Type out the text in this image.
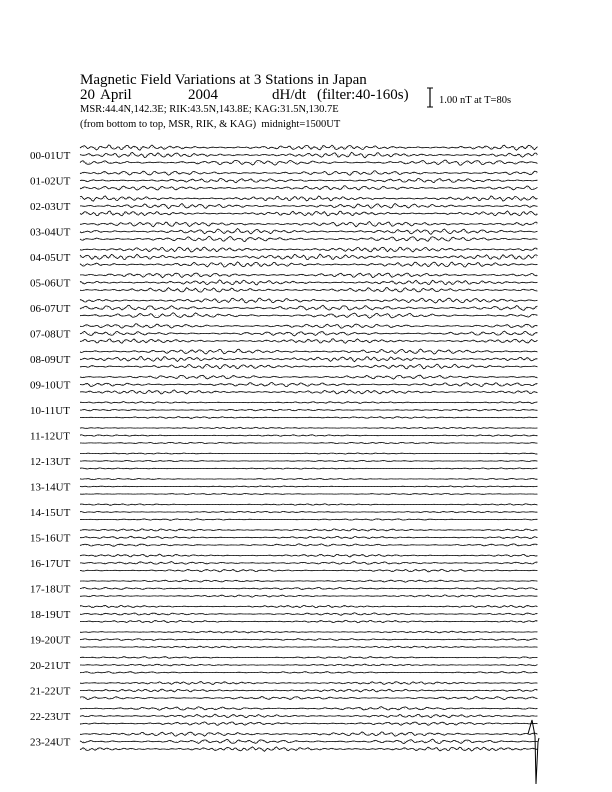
Magnetic Field Variations at 3 Stations in Japan
20 April	2004	dH/dt (filter:40-160s)
MSR:44.4N,142.3E; RIK:43.5N,143.8E; KAG:31.5N,130.7E
(from bottom to top, MSR, RIK, & KAG) midnight=1500UT
1.00 nT at T=80s
00-01UT
01-02UT
02-03UT
03-04UT
04-05UT
05-06UT
06-07UT
07-08UT
08-09UT
09-10UT
10-11UT
11-12UT
12-13UT
13-14UT
14-15UT
15-16UT
16-17UT
17-18UT
18-19UT
19-20UT
20-21UT
21-22UT
22-23UT
23-24UT
